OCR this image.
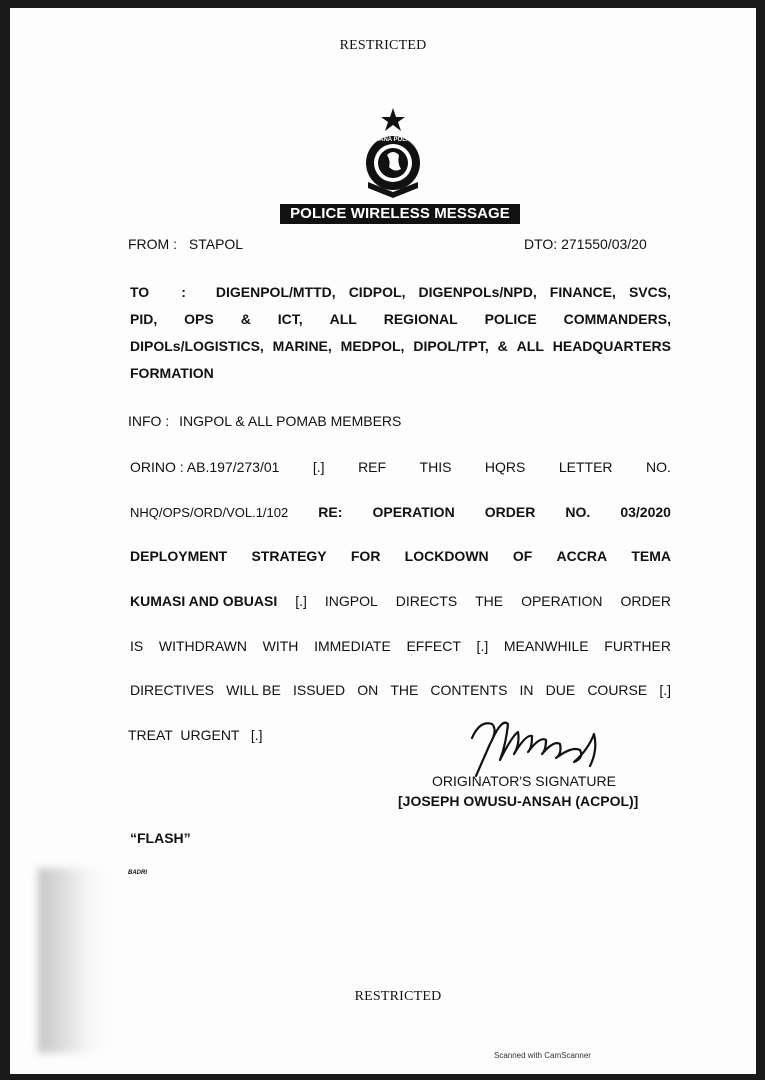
RESTRICTED
GHANA POLICE
POLICE WIRELESS MESSAGE
FROM : STAPOL	DTO: 271550/03/20
TO : DIGENPOL/MTTD, CIDPOL, DIGENPOLs/NPD, FINANCE, SVCS,
PID, OPS & ICT, ALL REGIONAL POLICE COMMANDERS,
DIPOLs/LOGISTICS, MARINE, MEDPOL, DIPOL/TPT, & ALL HEADQUARTERS
FORMATION
INFO : INGPOL & ALL POMAB MEMBERS
ORINO : AB.197/273/01 [.] REF THIS HQRS LETTER NO.
NHQ/OPS/ORD/VOL.1/102 RE: OPERATION ORDER NO. 03/2020
DEPLOYMENT STRATEGY FOR LOCKDOWN OF ACCRA TEMA
KUMASI AND OBUASI [.] INGPOL DIRECTS THE OPERATION ORDER
IS WITHDRAWN WITH IMMEDIATE EFFECT [.] MEANWHILE FURTHER
DIRECTIVES WILL BE ISSUED ON THE CONTENTS IN DUE COURSE [.]
TREAT  URGENT   [.]
ORIGINATOR'S SIGNATURE
[JOSEPH OWUSU-ANSAH (ACPOL)]
“FLASH”
BADRI
RESTRICTED
Scanned with CamScanner
